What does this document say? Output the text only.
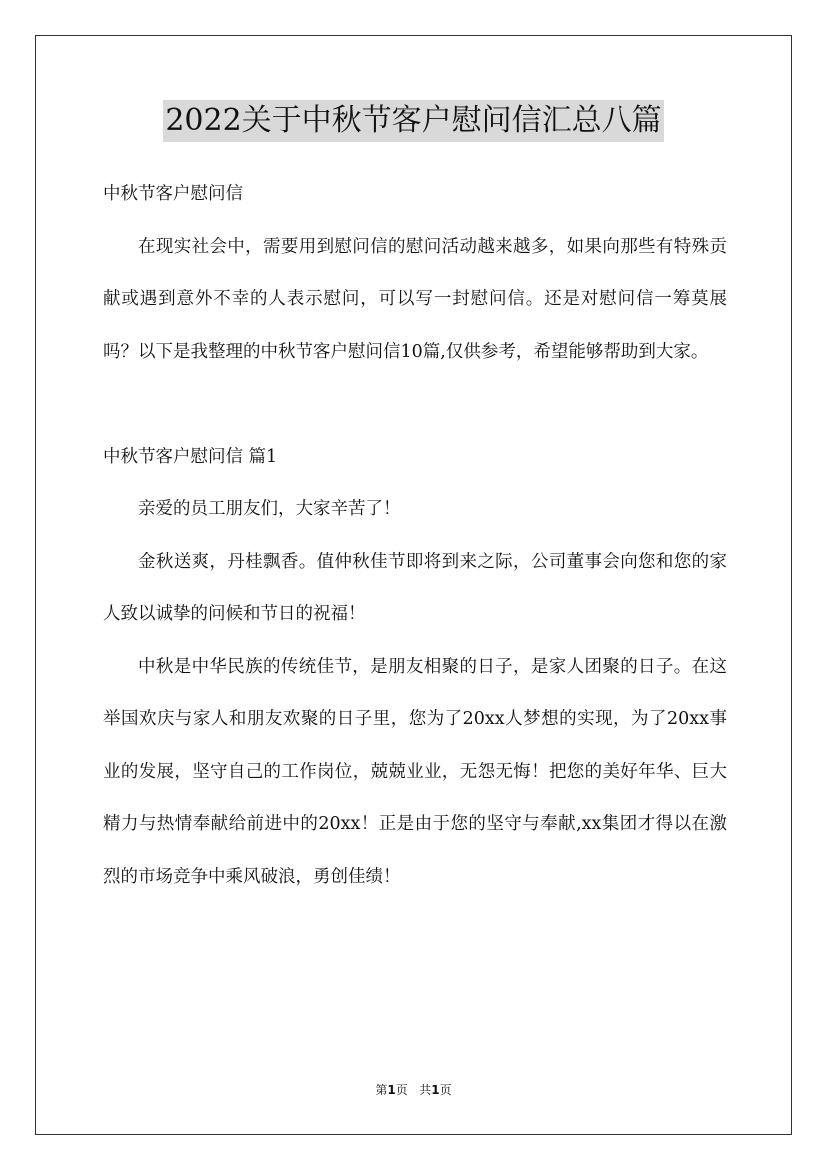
2022关于中秋节客户慰问信汇总八篇

中秋节客户慰问信

在现实社会中，需要用到慰问信的慰问活动越来越多，如果向那些有特殊贡献或遇到意外不幸的人表示慰问，可以写一封慰问信。还是对慰问信一筹莫展吗？以下是我整理的中秋节客户慰问信10篇,仅供参考，希望能够帮助到大家。

中秋节客户慰问信 篇1

亲爱的员工朋友们，大家辛苦了！

金秋送爽，丹桂飘香。值仲秋佳节即将到来之际，公司董事会向您和您的家人致以诚挚的问候和节日的祝福！

中秋是中华民族的传统佳节，是朋友相聚的日子，是家人团聚的日子。在这举国欢庆与家人和朋友欢聚的日子里，您为了20xx人梦想的实现，为了20xx事业的发展，坚守自己的工作岗位，兢兢业业，无怨无悔！把您的美好年华、巨大精力与热情奉献给前进中的20xx！正是由于您的坚守与奉献,xx集团才得以在激烈的市场竞争中乘风破浪，勇创佳绩！

第1页 共1页
